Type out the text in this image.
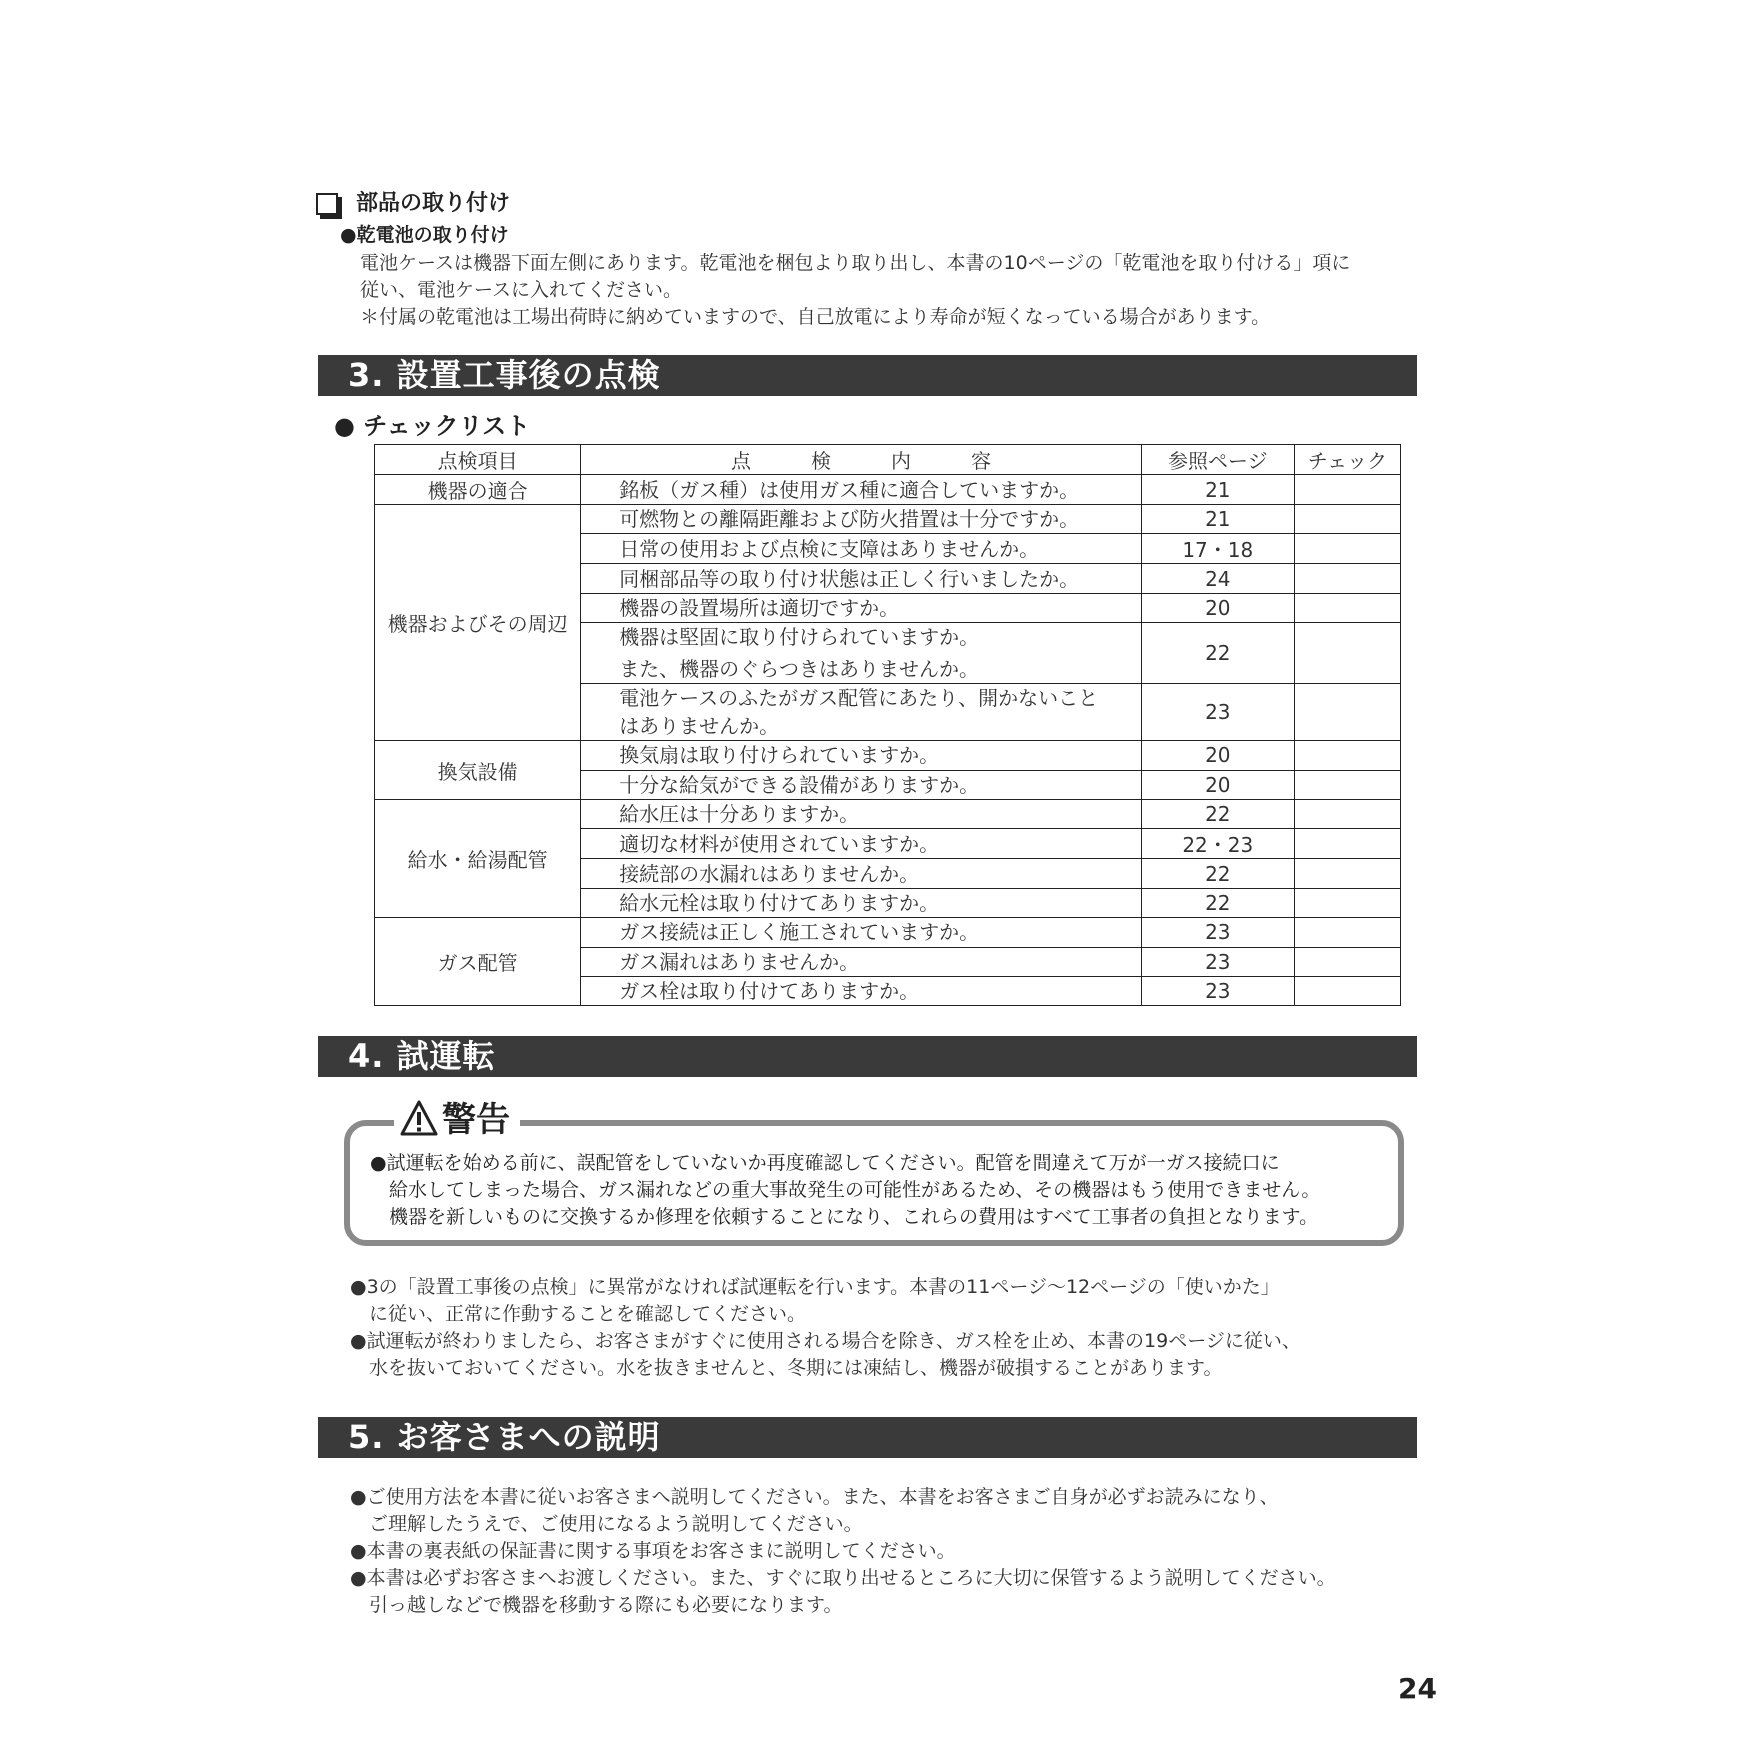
部品の取り付け
●乾電池の取り付け
電池ケースは機器下面左側にあります。乾電池を梱包より取り出し、本書の10ページの「乾電池を取り付ける」項に
従い、電池ケースに入れてください。
＊付属の乾電池は工場出荷時に納めていますので、自己放電により寿命が短くなっている場合があります。
3. 設置工事後の点検
● チェックリスト
点検項目	点　　　検　　　内　　　容	参照ページ	チェック
機器の適合	銘板（ガス種）は使用ガス種に適合していますか。	21	
機器およびその周辺	可燃物との離隔距離および防火措置は十分ですか。	21	

	日常の使用および点検に支障はありませんか。	17・18	

	同梱部品等の取り付け状態は正しく行いましたか。	24	

	機器の設置場所は適切ですか。	20	

	機器は堅固に取り付けられていますか。
また、機器のぐらつきはありませんか。	22	

	電池ケースのふたがガス配管にあたり、開かないこと
はありませんか。	23	
換気設備	換気扇は取り付けられていますか。	20	

	十分な給気ができる設備がありますか。	20	
給水・給湯配管	給水圧は十分ありますか。	22	

	適切な材料が使用されていますか。	22・23	

	接続部の水漏れはありませんか。	22	

	給水元栓は取り付けてありますか。	22	
ガス配管	ガス接続は正しく施工されていますか。	23	

	ガス漏れはありませんか。	23	

	ガス栓は取り付けてありますか。	23	
4. 試運転
警告
●試運転を始める前に、誤配管をしていないか再度確認してください。配管を間違えて万が一ガス接続口に
　給水してしまった場合、ガス漏れなどの重大事故発生の可能性があるため、その機器はもう使用できません。
　機器を新しいものに交換するか修理を依頼することになり、これらの費用はすべて工事者の負担となります。
●3の「設置工事後の点検」に異常がなければ試運転を行います。本書の11ページ～12ページの「使いかた」
　に従い、正常に作動することを確認してください。
●試運転が終わりましたら、お客さまがすぐに使用される場合を除き、ガス栓を止め、本書の19ページに従い、
　水を抜いておいてください。水を抜きませんと、冬期には凍結し、機器が破損することがあります。
5. お客さまへの説明
●ご使用方法を本書に従いお客さまへ説明してください。また、本書をお客さまご自身が必ずお読みになり、
　ご理解したうえで、ご使用になるよう説明してください。
●本書の裏表紙の保証書に関する事項をお客さまに説明してください。
●本書は必ずお客さまへお渡しください。また、すぐに取り出せるところに大切に保管するよう説明してください。
　引っ越しなどで機器を移動する際にも必要になります。
24
